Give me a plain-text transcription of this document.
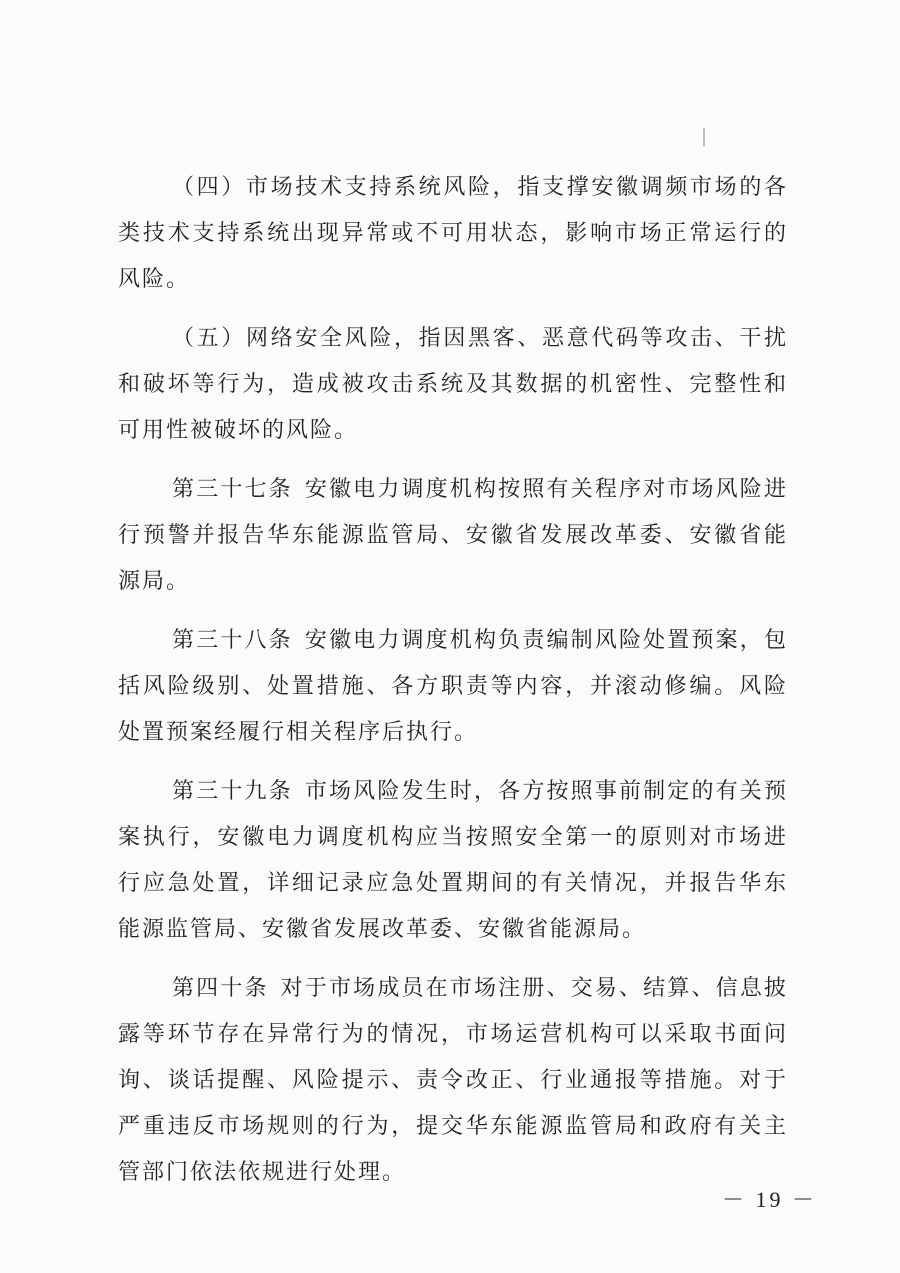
（四）市场技术支持系统风险，指支撑安徽调频市场的各类技术支持系统出现异常或不可用状态，影响市场正常运行的风险。

（五）网络安全风险，指因黑客、恶意代码等攻击、干扰和破坏等行为，造成被攻击系统及其数据的机密性、完整性和可用性被破坏的风险。

第三十七条 安徽电力调度机构按照有关程序对市场风险进行预警并报告华东能源监管局、安徽省发展改革委、安徽省能源局。

第三十八条 安徽电力调度机构负责编制风险处置预案，包括风险级别、处置措施、各方职责等内容，并滚动修编。风险处置预案经履行相关程序后执行。

第三十九条 市场风险发生时，各方按照事前制定的有关预案执行，安徽电力调度机构应当按照安全第一的原则对市场进行应急处置，详细记录应急处置期间的有关情况，并报告华东能源监管局、安徽省发展改革委、安徽省能源局。

第四十条 对于市场成员在市场注册、交易、结算、信息披露等环节存在异常行为的情况，市场运营机构可以采取书面问询、谈话提醒、风险提示、责令改正、行业通报等措施。对于严重违反市场规则的行为，提交华东能源监管局和政府有关主管部门依法依规进行处理。

－ 19 －
